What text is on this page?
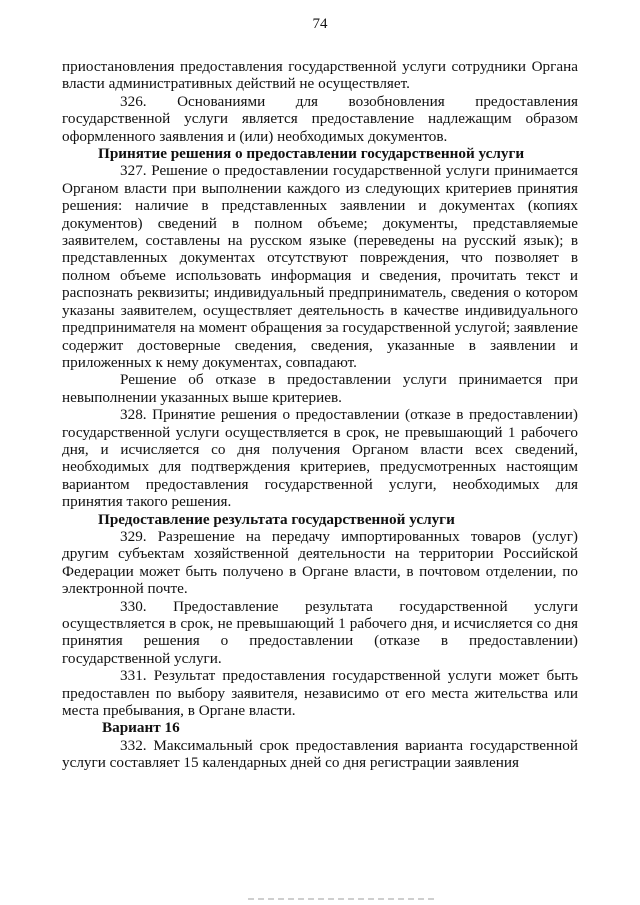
74

приостановления предоставления государственной услуги сотрудники Органа власти административных действий не осуществляет.

326. Основаниями для возобновления предоставления государственной услуги является предоставление надлежащим образом оформленного заявления и (или) необходимых документов.

Принятие решения о предоставлении государственной услуги

327. Решение о предоставлении государственной услуги принимается Органом власти при выполнении каждого из следующих критериев принятия решения: наличие в представленных заявлении и документах (копиях документов) сведений в полном объеме; документы, представляемые заявителем, составлены на русском языке (переведены на русский язык); в представленных документах отсутствуют повреждения, что позволяет в полном объеме использовать информация и сведения, прочитать текст и распознать реквизиты; индивидуальный предприниматель, сведения о котором указаны заявителем, осуществляет деятельность в качестве индивидуального предпринимателя на момент обращения за государственной услугой; заявление содержит достоверные сведения, сведения, указанные в заявлении и приложенных к нему документах, совпадают.

Решение об отказе в предоставлении услуги принимается при невыполнении указанных выше критериев.

328. Принятие решения о предоставлении (отказе в предоставлении) государственной услуги осуществляется в срок, не превышающий 1 рабочего дня, и исчисляется со дня получения Органом власти всех сведений, необходимых для подтверждения критериев, предусмотренных настоящим вариантом предоставления государственной услуги, необходимых для принятия такого решения.

Предоставление результата государственной услуги

329. Разрешение на передачу импортированных товаров (услуг) другим субъектам хозяйственной деятельности на территории Российской Федерации может быть получено в Органе власти, в почтовом отделении, по электронной почте.

330. Предоставление результата государственной услуги осуществляется в срок, не превышающий 1 рабочего дня, и исчисляется со дня принятия решения о предоставлении (отказе в предоставлении) государственной услуги.

331. Результат предоставления государственной услуги может быть предоставлен по выбору заявителя, независимо от его места жительства или места пребывания, в Органе власти.

Вариант 16

332. Максимальный срок предоставления варианта государственной услуги составляет 15 календарных дней со дня регистрации заявления
